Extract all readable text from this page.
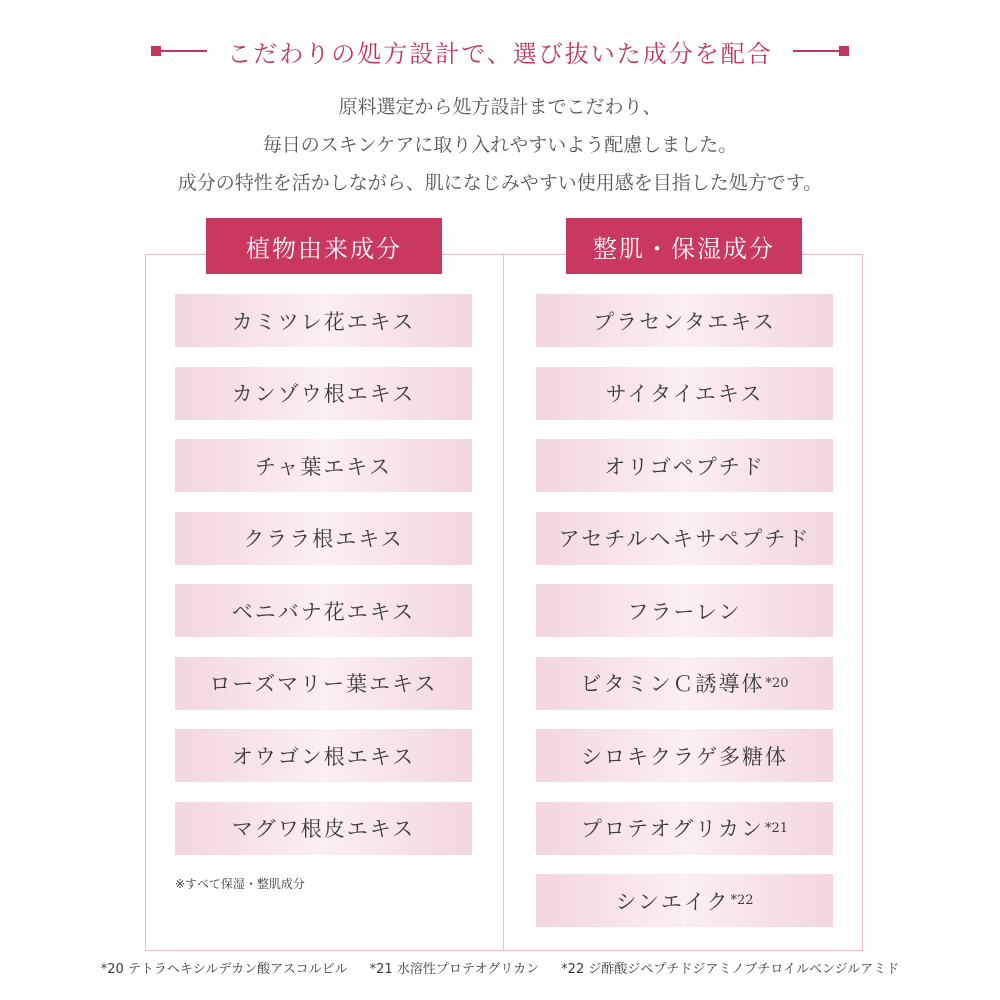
こだわりの処方設計で、選び抜いた成分を配合
原料選定から処方設計までこだわり、
毎日のスキンケアに取り入れやすいよう配慮しました。
成分の特性を活かしながら、肌になじみやすい使用感を目指した処方です。
植物由来成分	整肌・保湿成分
カミツレ花エキス
カンゾウ根エキス
チャ葉エキス
クララ根エキス
ベニバナ花エキス
ローズマリー葉エキス
オウゴン根エキス
マグワ根皮エキス
※すべて保湿・整肌成分
プラセンタエキス
サイタイエキス
オリゴペプチド
アセチルヘキサペプチド
フラーレン
ビタミンＣ誘導体 *20
シロキクラゲ多糖体
プロテオグリカン *21
シンエイク *22
*20 テトラヘキシルデカン酸アスコルビル *21 水溶性プロテオグリカン *22 ジ酢酸ジペプチドジアミノブチロイルベンジルアミド
